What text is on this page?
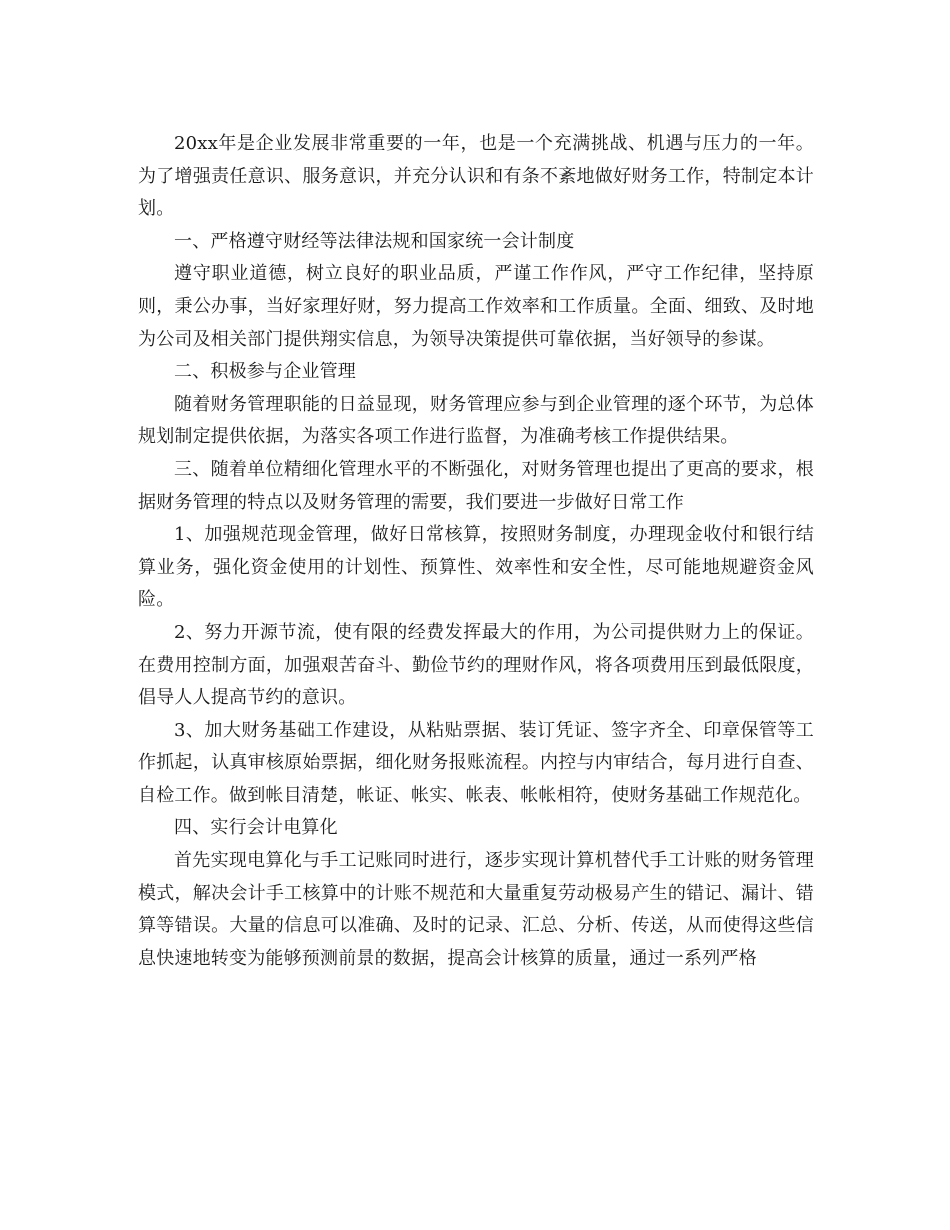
20xx年是企业发展非常重要的一年，也是一个充满挑战、机遇与压力的一年。为了增强责任意识、服务意识，并充分认识和有条不紊地做好财务工作，特制定本计划。

一、严格遵守财经等法律法规和国家统一会计制度

遵守职业道德，树立良好的职业品质，严谨工作作风，严守工作纪律，坚持原则，秉公办事，当好家理好财，努力提高工作效率和工作质量。全面、细致、及时地为公司及相关部门提供翔实信息，为领导决策提供可靠依据，当好领导的参谋。

二、积极参与企业管理

随着财务管理职能的日益显现，财务管理应参与到企业管理的逐个环节，为总体规划制定提供依据，为落实各项工作进行监督，为准确考核工作提供结果。

三、随着单位精细化管理水平的不断强化，对财务管理也提出了更高的要求，根据财务管理的特点以及财务管理的需要，我们要进一步做好日常工作

1、加强规范现金管理，做好日常核算，按照财务制度，办理现金收付和银行结算业务，强化资金使用的计划性、预算性、效率性和安全性，尽可能地规避资金风险。

2、努力开源节流，使有限的经费发挥最大的作用，为公司提供财力上的保证。在费用控制方面，加强艰苦奋斗、勤俭节约的理财作风，将各项费用压到最低限度，倡导人人提高节约的意识。

3、加大财务基础工作建设，从粘贴票据、装订凭证、签字齐全、印章保管等工作抓起，认真审核原始票据，细化财务报账流程。内控与内审结合，每月进行自查、自检工作。做到帐目清楚，帐证、帐实、帐表、帐帐相符，使财务基础工作规范化。

四、实行会计电算化

首先实现电算化与手工记账同时进行，逐步实现计算机替代手工计账的财务管理模式，解决会计手工核算中的计账不规范和大量重复劳动极易产生的错记、漏计、错算等错误。大量的信息可以准确、及时的记录、汇总、分析、传送，从而使得这些信息快速地转变为能够预测前景的数据，提高会计核算的质量，通过一系列严格
